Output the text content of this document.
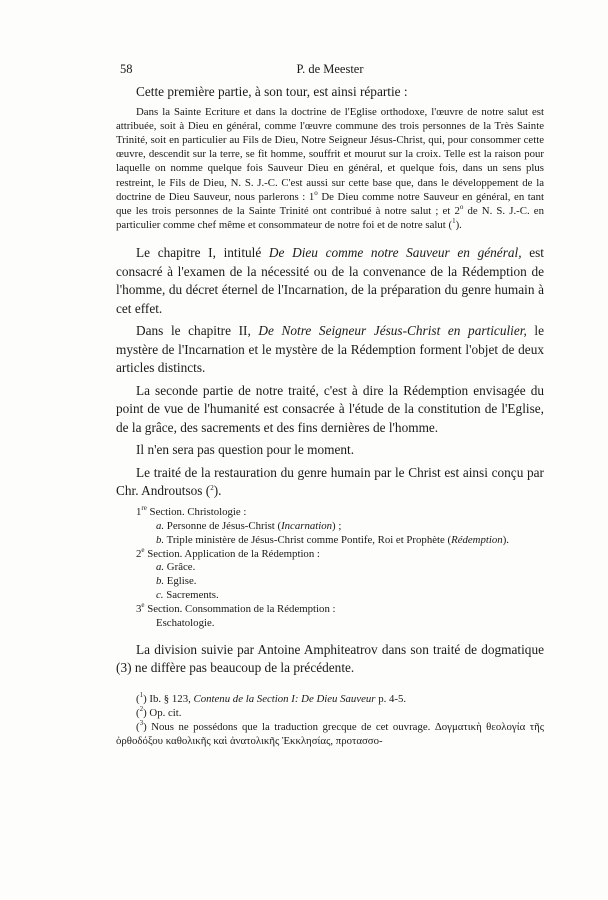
58	P. de Meester

Cette première partie, à son tour, est ainsi répartie :

Dans la Sainte Ecriture et dans la doctrine de l'Eglise orthodoxe, l'œuvre de notre salut est attribuée, soit à Dieu en général, comme l'œuvre commune des trois personnes de la Très Sainte Trinité, soit en particulier au Fils de Dieu, Notre Seigneur Jésus-Christ, qui, pour consommer cette œuvre, descendit sur la terre, se fit homme, souffrit et mourut sur la croix. Telle est la raison pour laquelle on nomme quelque fois Sauveur Dieu en général, et quelque fois, dans un sens plus restreint, le Fils de Dieu, N. S. J.-C. C'est aussi sur cette base que, dans le développement de la doctrine de Dieu Sauveur, nous parlerons : 1$^o$ De Dieu comme notre Sauveur en général, en tant que les trois personnes de la Sainte Trinité ont contribué à notre salut ; et 2$^o$ de N. S. J.-C. en particulier comme chef même et consommateur de notre foi et de notre salut ($^1$).

Le chapitre I, intitulé De Dieu comme notre Sauveur en général, est consacré à l'examen de la nécessité ou de la convenance de la Rédemption de l'homme, du décret éternel de l'Incarnation, de la préparation du genre humain à cet effet.

Dans le chapitre II, De Notre Seigneur Jésus-Christ en particulier, le mystère de l'Incarnation et le mystère de la Rédemption forment l'objet de deux articles distincts.

La seconde partie de notre traité, c'est à dire la Rédemption envisagée du point de vue de l'humanité est consacrée à l'étude de la constitution de l'Eglise, de la grâce, des sacrements et des fins dernières de l'homme.

Il n'en sera pas question pour le moment.

Le traité de la restauration du genre humain par le Christ est ainsi conçu par Chr. Androutsos ($^2$).

1re Section. Christologie :
a. Personne de Jésus-Christ (Incarnation) ;
b. Triple ministère de Jésus-Christ comme Pontife, Roi et Prophète (Rédemption).
2e Section. Application de la Rédemption :
a. Grâce.
b. Eglise.
c. Sacrements.
3e Section. Consommation de la Rédemption :
Eschatologie.

La division suivie par Antoine Amphiteatrov dans son traité de dogmatique (3) ne diffère pas beaucoup de la précédente.

($^1$) Ib. § 123, Contenu de la Section I: De Dieu Sauveur p. 4-5.

($^2$) Op. cit.

($^3$) Nous ne possédons que la traduction grecque de cet ouvrage. Δογματικὴ θεολογία τῆς ὀρθοδόξου καθολικῆς καὶ ἀνατολικῆς Ἐκκλησίας, προτασσο-
